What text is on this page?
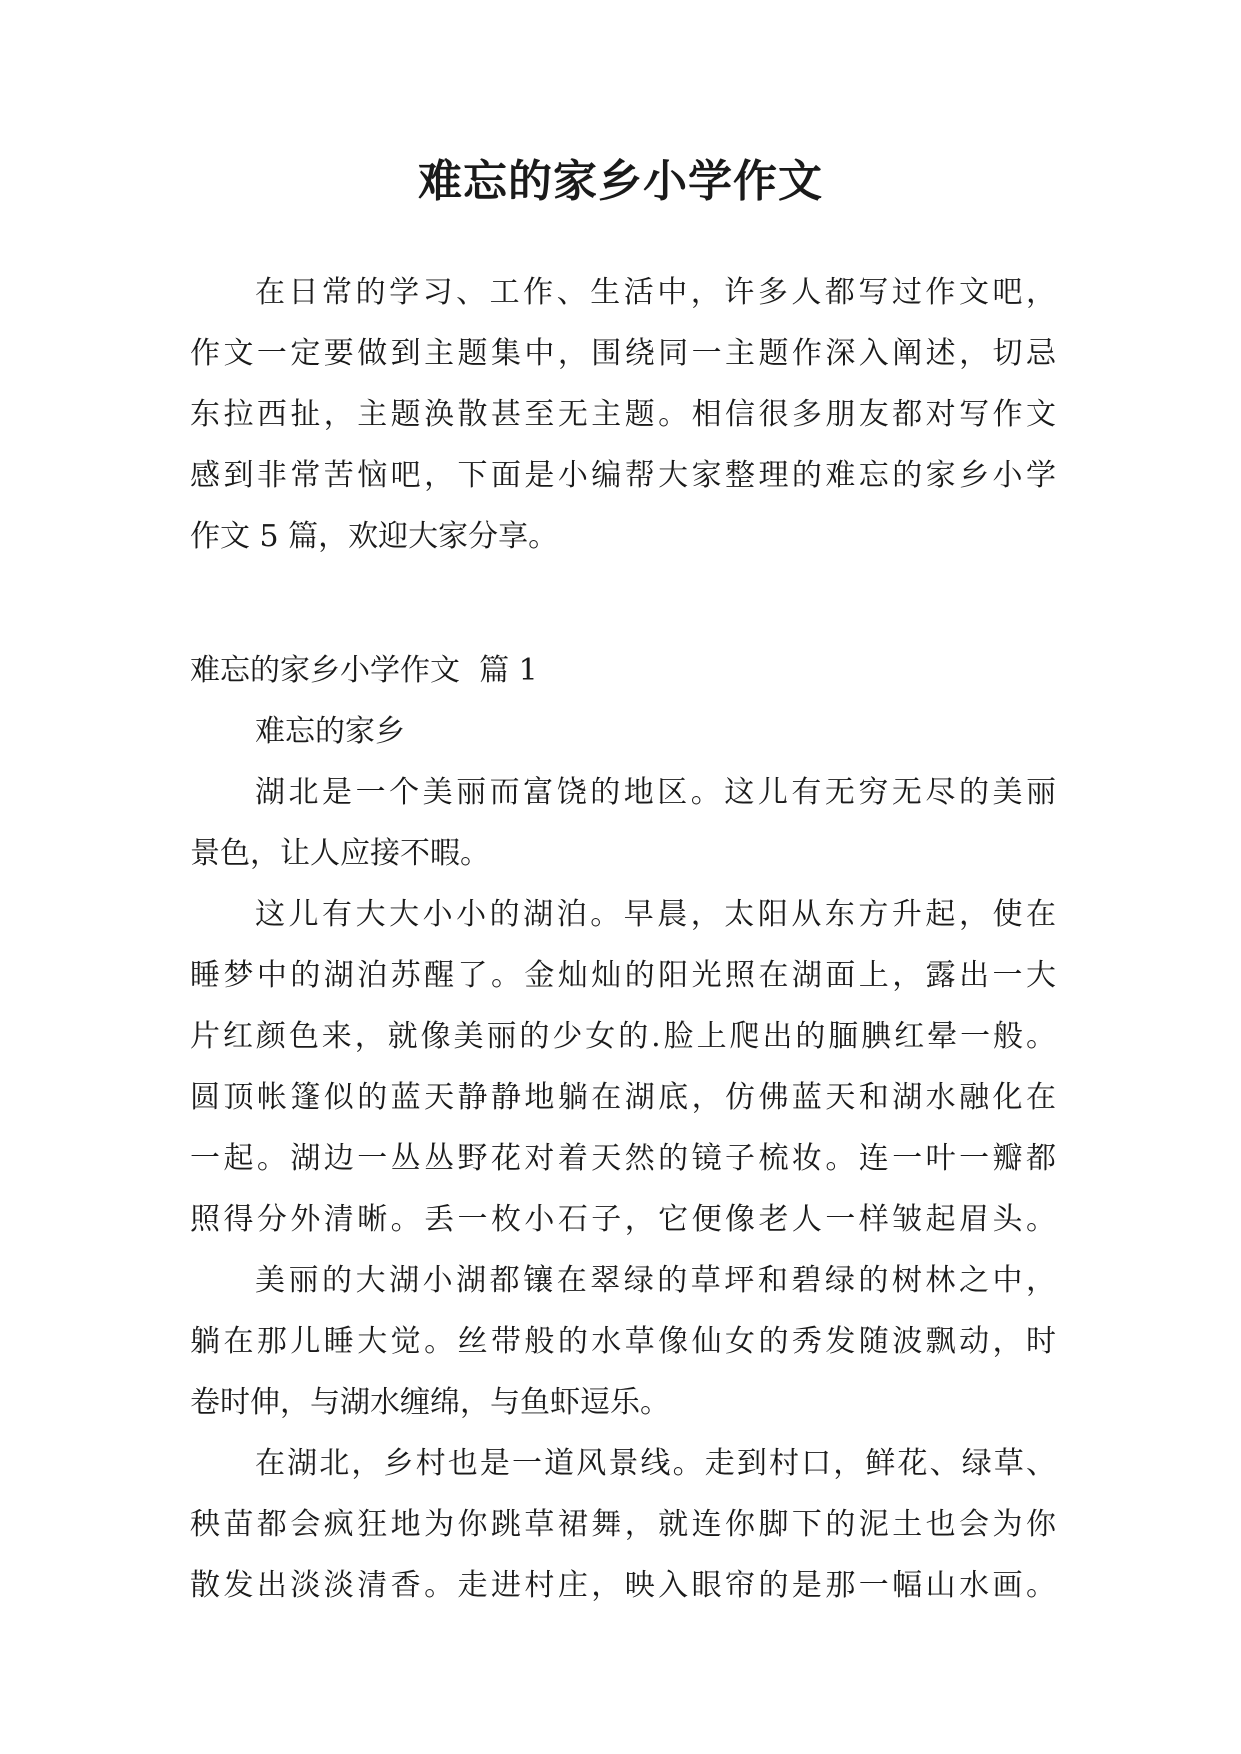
难忘的家乡小学作文

在日常的学习、工作、生活中，许多人都写过作文吧，

作文一定要做到主题集中，围绕同一主题作深入阐述，切忌

东拉西扯，主题涣散甚至无主题。相信很多朋友都对写作文

感到非常苦恼吧，下面是小编帮大家整理的难忘的家乡小学

作文 5 篇，欢迎大家分享。

难忘的家乡小学作文  篇 1

难忘的家乡

湖北是一个美丽而富饶的地区。这儿有无穷无尽的美丽

景色，让人应接不暇。

这儿有大大小小的湖泊。早晨，太阳从东方升起，使在

睡梦中的湖泊苏醒了。金灿灿的阳光照在湖面上，露出一大

片红颜色来，就像美丽的少女的.脸上爬出的腼腆红晕一般。

圆顶帐篷似的蓝天静静地躺在湖底，仿佛蓝天和湖水融化在

一起。湖边一丛丛野花对着天然的镜子梳妆。连一叶一瓣都

照得分外清晰。丢一枚小石子，它便像老人一样皱起眉头。

美丽的大湖小湖都镶在翠绿的草坪和碧绿的树林之中，

躺在那儿睡大觉。丝带般的水草像仙女的秀发随波飘动，时

卷时伸，与湖水缠绵，与鱼虾逗乐。

在湖北，乡村也是一道风景线。走到村口，鲜花、绿草、

秧苗都会疯狂地为你跳草裙舞，就连你脚下的泥土也会为你

散发出淡淡清香。走进村庄，映入眼帘的是那一幅山水画。
